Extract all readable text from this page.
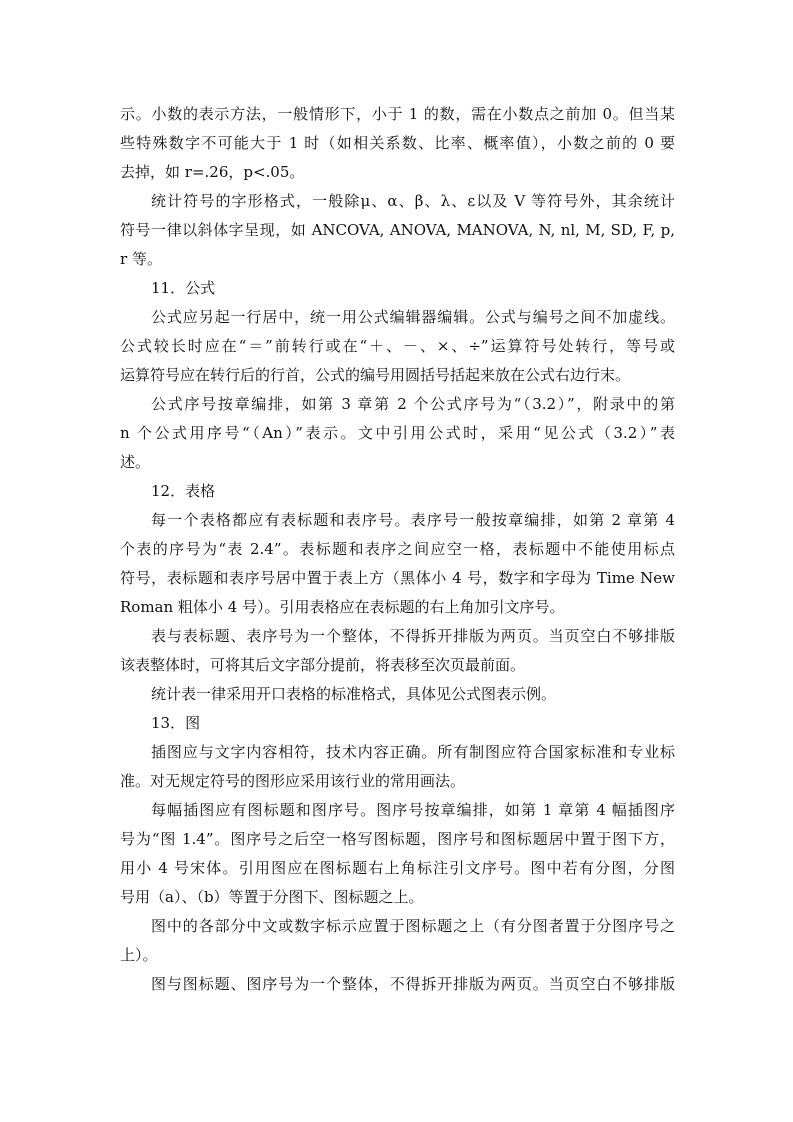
示。小数的表示方法，一般情形下，小于 1 的数，需在小数点之前加 0。但当某
些特殊数字不可能大于 1 时（如相关系数、比率、概率值），小数之前的 0 要
去掉，如 r=.26，p<.05。
统计符号的字形格式，一般除μ、α、β、λ、ε以及 V 等符号外，其余统计
符号一律以斜体字呈现，如 ANCOVA, ANOVA, MANOVA, N, nl, M, SD, F, p,
r 等。
11．公式
公式应另起一行居中，统一用公式编辑器编辑。公式与编号之间不加虚线。
公式较长时应在“＝”前转行或在“＋、－、×、÷”运算符号处转行，等号或
运算符号应在转行后的行首，公式的编号用圆括号括起来放在公式右边行末。
公式序号按章编排，如第 3 章第 2 个公式序号为“（3.2）”，附录中的第
n 个公式用序号“（An）”表示。文中引用公式时，采用“见公式（3.2）”表
述。
12．表格
每一个表格都应有表标题和表序号。表序号一般按章编排，如第 2 章第 4
个表的序号为“表 2.4”。表标题和表序之间应空一格，表标题中不能使用标点
符号，表标题和表序号居中置于表上方（黑体小 4 号，数字和字母为 Time New
Roman 粗体小 4 号）。引用表格应在表标题的右上角加引文序号。
表与表标题、表序号为一个整体，不得拆开排版为两页。当页空白不够排版
该表整体时，可将其后文字部分提前，将表移至次页最前面。
统计表一律采用开口表格的标准格式，具体见公式图表示例。
13．图
插图应与文字内容相符，技术内容正确。所有制图应符合国家标准和专业标
准。对无规定符号的图形应采用该行业的常用画法。
每幅插图应有图标题和图序号。图序号按章编排，如第 1 章第 4 幅插图序
号为“图 1.4”。图序号之后空一格写图标题，图序号和图标题居中置于图下方，
用小 4 号宋体。引用图应在图标题右上角标注引文序号。图中若有分图，分图
号用（a）、（b）等置于分图下、图标题之上。
图中的各部分中文或数字标示应置于图标题之上（有分图者置于分图序号之
上）。
图与图标题、图序号为一个整体，不得拆开排版为两页。当页空白不够排版
